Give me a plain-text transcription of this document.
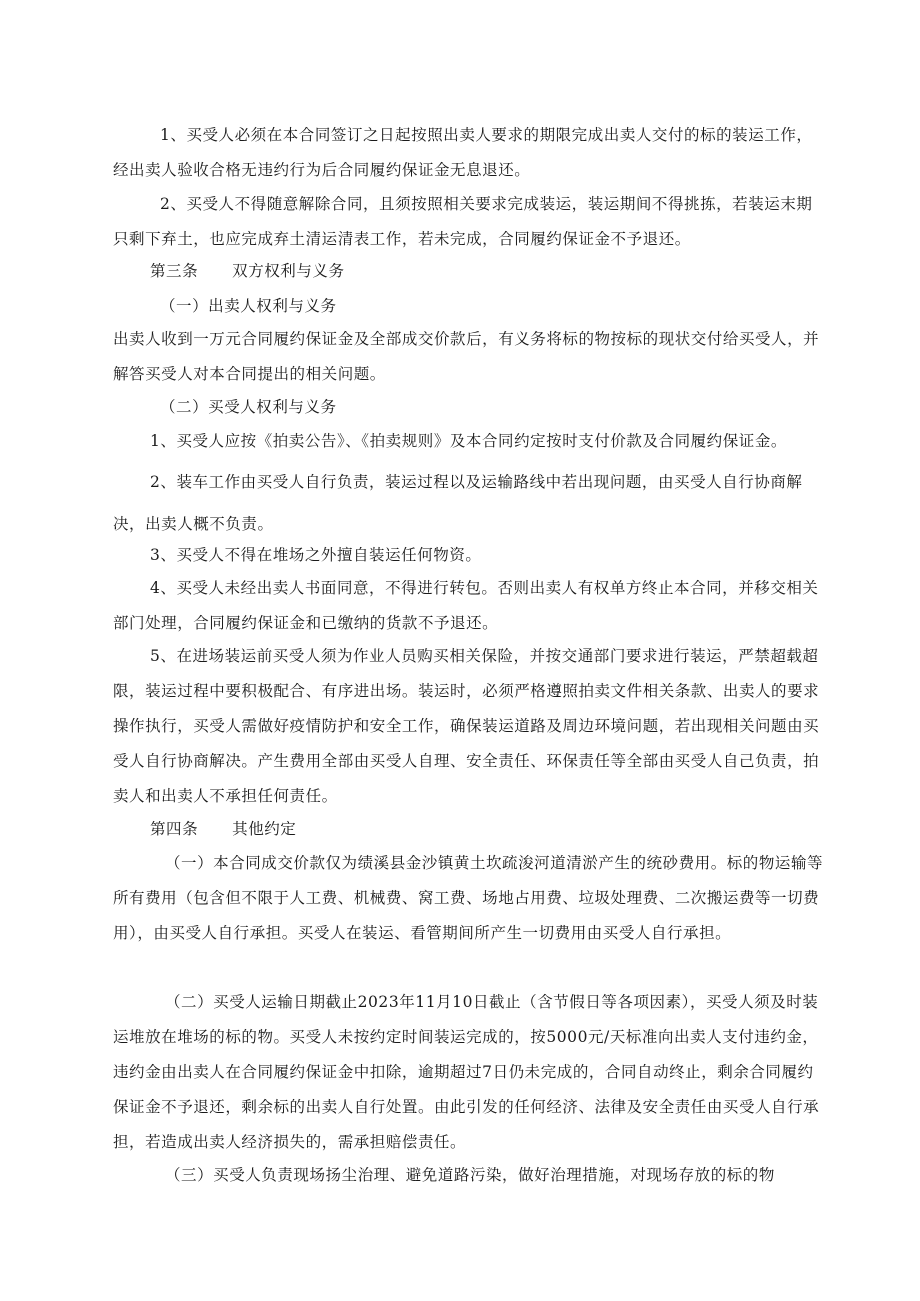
1、买受人必须在本合同签订之日起按照出卖人要求的期限完成出卖人交付的标的装运工作，经出卖人验收合格无违约行为后合同履约保证金无息退还。

2、买受人不得随意解除合同，且须按照相关要求完成装运，装运期间不得挑拣，若装运末期只剩下弃土，也应完成弃土清运清表工作，若未完成，合同履约保证金不予退还。

第三条 双方权利与义务

（一）出卖人权利与义务

出卖人收到一万元合同履约保证金及全部成交价款后，有义务将标的物按标的现状交付给买受人，并解答买受人对本合同提出的相关问题。

（二）买受人权利与义务

1、买受人应按《拍卖公告》、《拍卖规则》及本合同约定按时支付价款及合同履约保证金。

2、装车工作由买受人自行负责，装运过程以及运输路线中若出现问题，由买受人自行协商解决，出卖人概不负责。

3、买受人不得在堆场之外擅自装运任何物资。

4、买受人未经出卖人书面同意，不得进行转包。否则出卖人有权单方终止本合同，并移交相关部门处理，合同履约保证金和已缴纳的货款不予退还。

5、在进场装运前买受人须为作业人员购买相关保险，并按交通部门要求进行装运，严禁超载超限，装运过程中要积极配合、有序进出场。装运时，必须严格遵照拍卖文件相关条款、出卖人的要求操作执行，买受人需做好疫情防护和安全工作，确保装运道路及周边环境问题，若出现相关问题由买受人自行协商解决。产生费用全部由买受人自理、安全责任、环保责任等全部由买受人自己负责，拍卖人和出卖人不承担任何责任。

第四条 其他约定

（一）本合同成交价款仅为绩溪县金沙镇黄土坎疏浚河道清淤产生的统砂费用。标的物运输等所有费用（包含但不限于人工费、机械费、窝工费、场地占用费、垃圾处理费、二次搬运费等一切费用），由买受人自行承担。买受人在装运、看管期间所产生一切费用由买受人自行承担。

（二）买受人运输日期截止2023年11月10日截止（含节假日等各项因素），买受人须及时装运堆放在堆场的标的物。买受人未按约定时间装运完成的，按5000元/天标准向出卖人支付违约金，违约金由出卖人在合同履约保证金中扣除，逾期超过7日仍未完成的，合同自动终止，剩余合同履约保证金不予退还，剩余标的出卖人自行处置。由此引发的任何经济、法律及安全责任由买受人自行承担，若造成出卖人经济损失的，需承担赔偿责任。

（三）买受人负责现场扬尘治理、避免道路污染，做好治理措施，对现场存放的标的物
